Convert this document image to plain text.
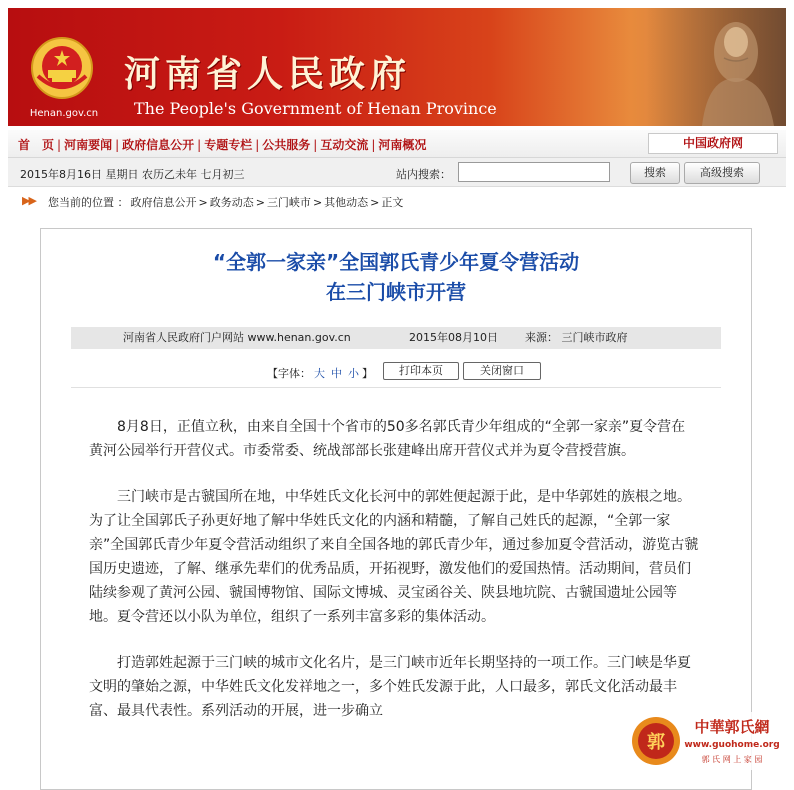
Henan.gov.cn
河南省人民政府
The People's Government of Henan Province
首　页 | 河南要闻 | 政府信息公开 | 专题专栏 | 公共服务 | 互动交流 | 河南概况	中国政府网
2015年8月16日 星期日 农历乙未年 七月初三	站内搜索：	搜索	高级搜索
▶▶ 您当前的位置 ： 政府信息公开 > 政务动态 > 三门峡市 > 其他动态 > 正文
“全郭一家亲”全国郭氏青少年夏令营活动
在三门峡市开营
河南省人民政府门户网站 www.henan.gov.cn	2015年08月10日 来源： 三门峡市政府
【字体： 大 中 小 】	打印本页	关闭窗口

8月8日，正值立秋，由来自全国十个省市的50多名郭氏青少年组成的“全郭一家亲”夏令营在黄河公园举行开营仪式。市委常委、统战部部长张建峰出席开营仪式并为夏令营授营旗。

三门峡市是古虢国所在地，中华姓氏文化长河中的郭姓便起源于此，是中华郭姓的族根之地。为了让全国郭氏子孙更好地了解中华姓氏文化的内涵和精髓，了解自己姓氏的起源，“全郭一家亲”全国郭氏青少年夏令营活动组织了来自全国各地的郭氏青少年，通过参加夏令营活动，游览古虢国历史遗迹，了解、继承先辈们的优秀品质，开拓视野，激发他们的爱国热情。活动期间，营员们陆续参观了黄河公园、虢国博物馆、国际文博城、灵宝函谷关、陕县地坑院、古虢国遗址公园等地。夏令营还以小队为单位，组织了一系列丰富多彩的集体活动。

打造郭姓起源于三门峡的城市文化名片，是三门峡市近年长期坚持的一项工作。三门峡是华夏文明的肇始之源，中华姓氏文化发祥地之一，多个姓氏发源于此，人口最多，郭氏文化活动最丰富、最具代表性。系列活动的开展，进一步确立

郭
中華郭氏網
www.guohome.org
郭 氏 网 上 家 园
